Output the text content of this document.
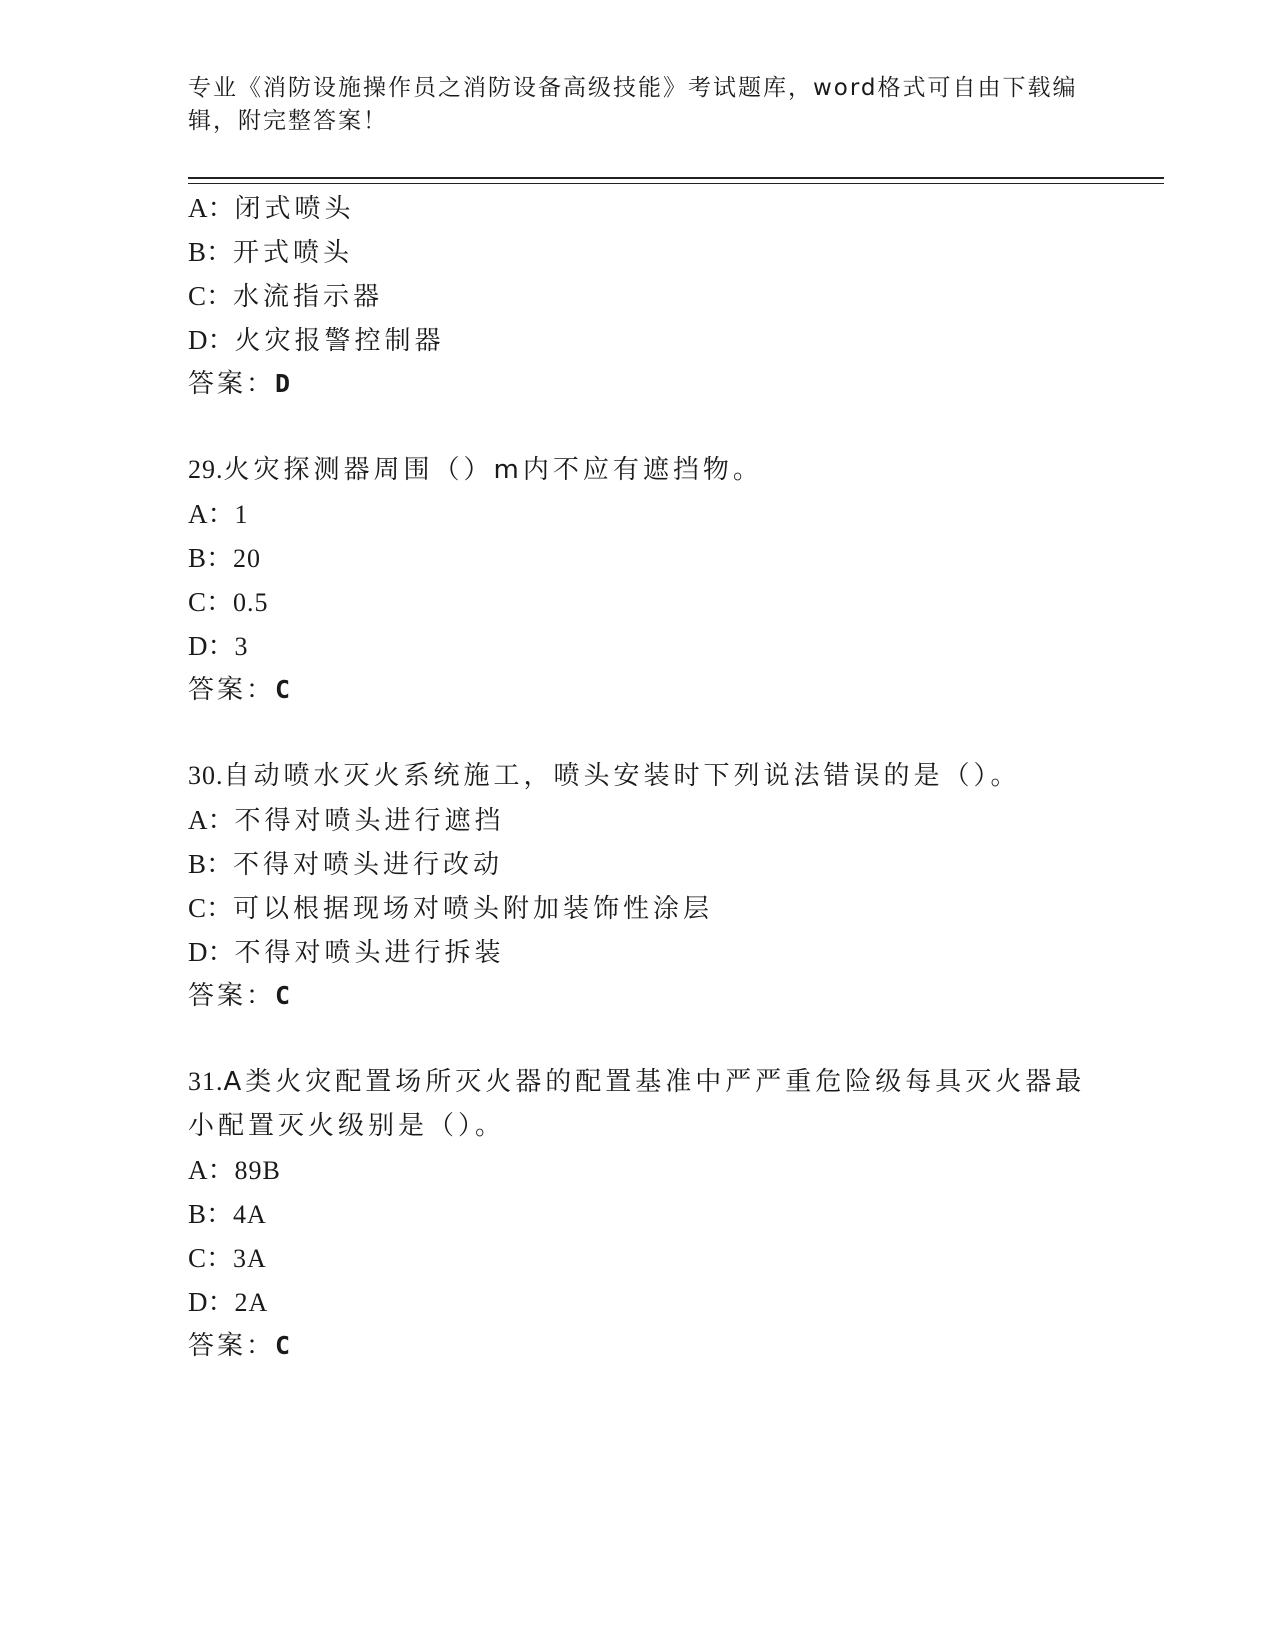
专业《消防设施操作员之消防设备高级技能》考试题库，word格式可自由下载编
辑，附完整答案！
A：闭式喷头
B：开式喷头
C：水流指示器
D：火灾报警控制器
答案：D
29.火灾探测器周围（）m内不应有遮挡物。
A：1
B：20
C：0.5
D：3
答案：C
30.自动喷水灭火系统施工，喷头安装时下列说法错误的是（）。
A：不得对喷头进行遮挡
B：不得对喷头进行改动
C：可以根据现场对喷头附加装饰性涂层
D：不得对喷头进行拆装
答案：C
31.A类火灾配置场所灭火器的配置基准中严严重危险级每具灭火器最
小配置灭火级别是（）。
A：89B
B：4A
C：3A
D：2A
答案：C
